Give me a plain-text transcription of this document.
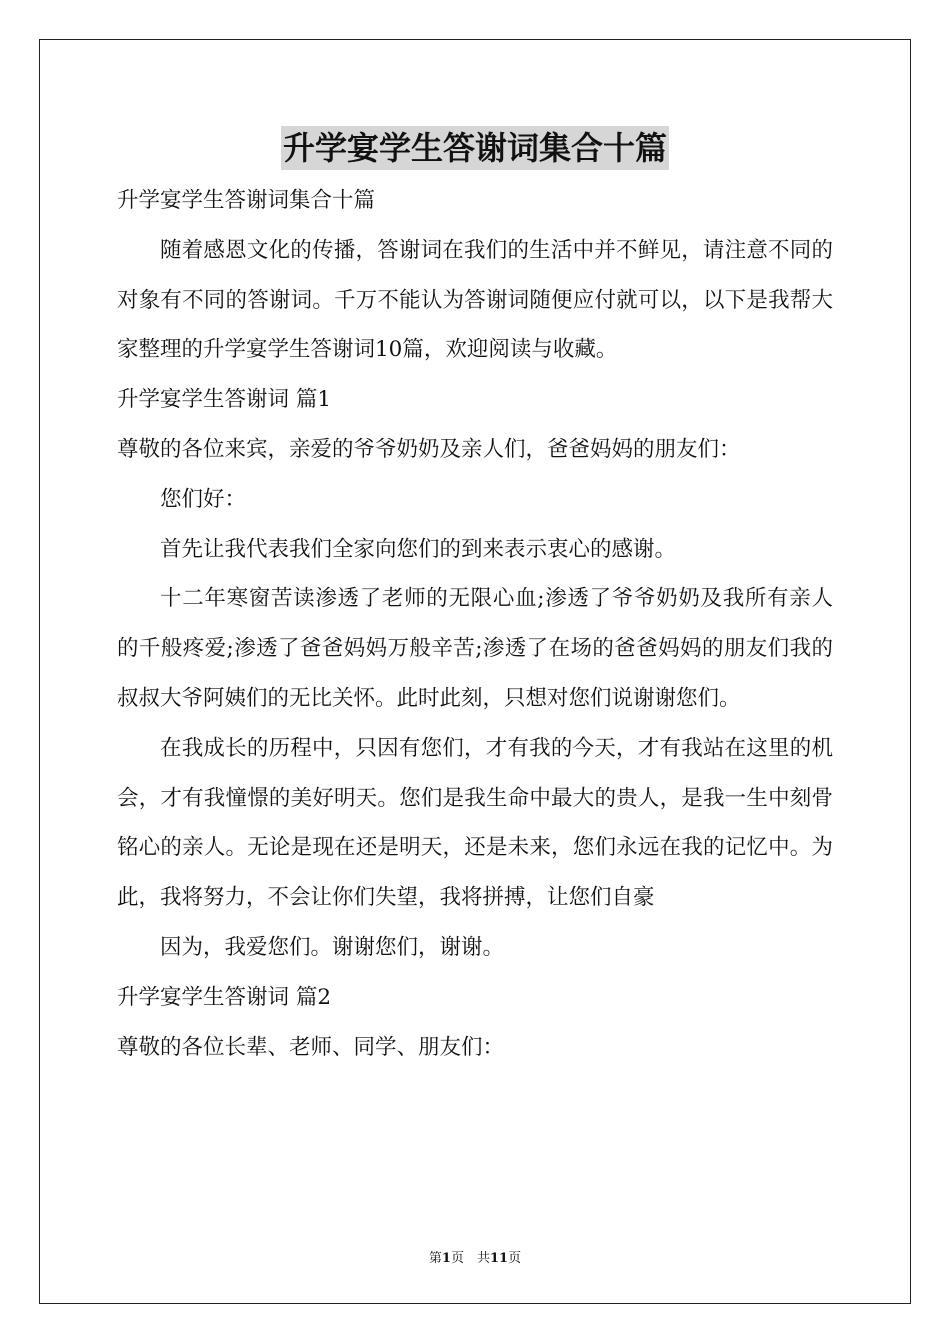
升学宴学生答谢词集合十篇

升学宴学生答谢词集合十篇

随着感恩文化的传播，答谢词在我们的生活中并不鲜见，请注意不同的对象有不同的答谢词。千万不能认为答谢词随便应付就可以，以下是我帮大家整理的升学宴学生答谢词10篇，欢迎阅读与收藏。

升学宴学生答谢词 篇1

尊敬的各位来宾，亲爱的爷爷奶奶及亲人们，爸爸妈妈的朋友们：

您们好：

首先让我代表我们全家向您们的到来表示衷心的感谢。

十二年寒窗苦读渗透了老师的无限心血;渗透了爷爷奶奶及我所有亲人的千般疼爱;渗透了爸爸妈妈万般辛苦;渗透了在场的爸爸妈妈的朋友们我的叔叔大爷阿姨们的无比关怀。此时此刻，只想对您们说谢谢您们。

在我成长的历程中，只因有您们，才有我的今天，才有我站在这里的机会，才有我憧憬的美好明天。您们是我生命中最大的贵人，是我一生中刻骨铭心的亲人。无论是现在还是明天，还是未来，您们永远在我的记忆中。为此，我将努力，不会让你们失望，我将拼搏，让您们自豪

因为，我爱您们。谢谢您们，谢谢。

升学宴学生答谢词 篇2

尊敬的各位长辈、老师、同学、朋友们：

第1页　共11页
